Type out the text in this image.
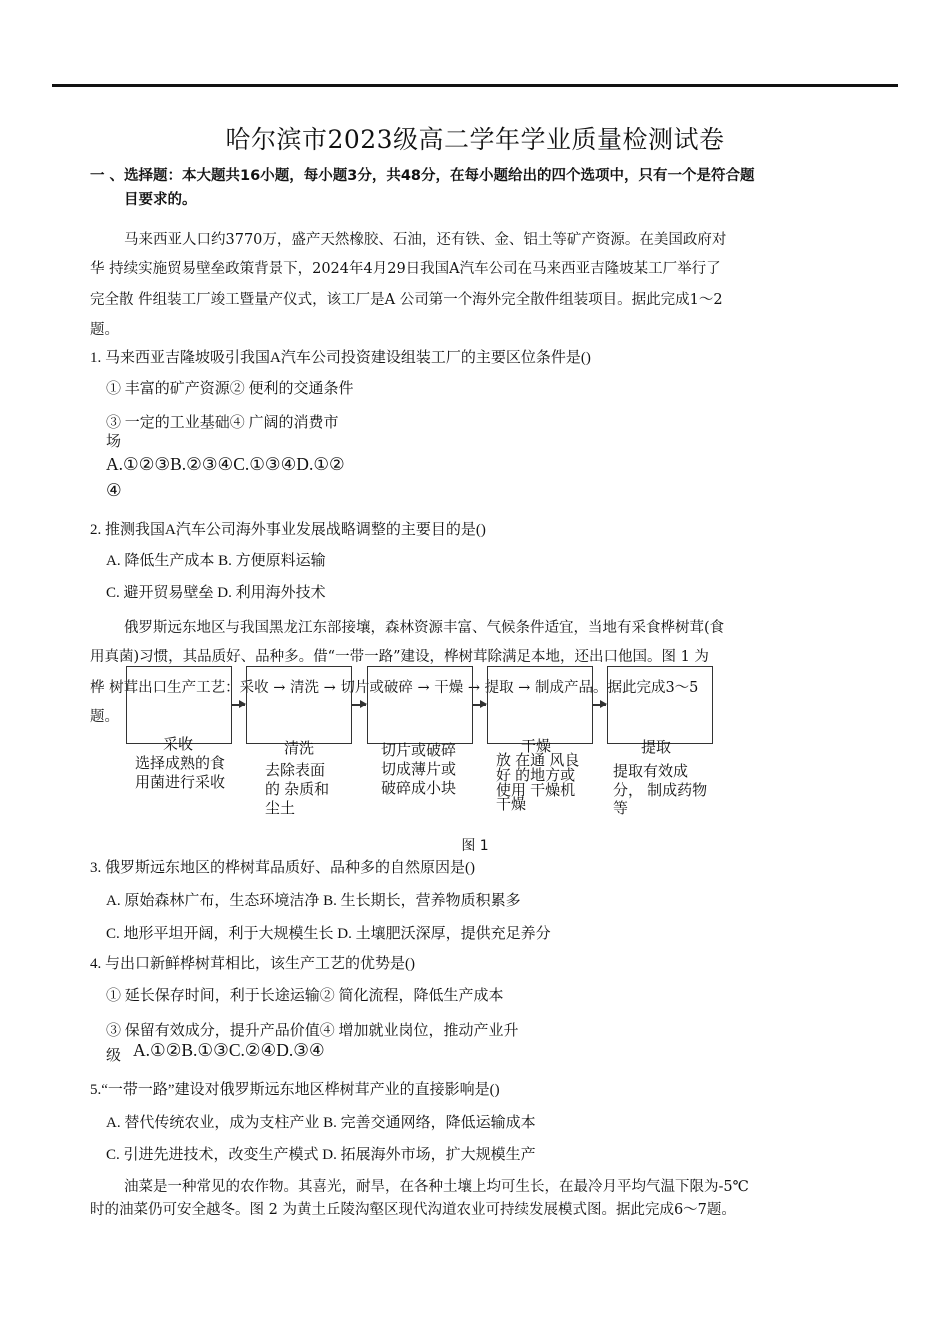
哈尔滨市2023级高二学年学业质量检测试卷
一 、选择题：本大题共16小题，每小题3分，共48分，在每小题给出的四个选项中，只有一个是符合题
目要求的。
马来西亚人口约3770万，盛产天然橡胶、石油，还有铁、金、铝土等矿产资源。在美国政府对
华 持续实施贸易壁垒政策背景下，2024年4月29日我国A汽车公司在马来西亚吉隆坡某工厂举行了
完全散 件组装工厂竣工暨量产仪式，该工厂是A 公司第一个海外完全散件组装项目。据此完成1～2
题。
1. 马来西亚吉隆坡吸引我国A汽车公司投资建设组装工厂的主要区位条件是()
① 丰富的矿产资源② 便利的交通条件
③ 一定的工业基础④ 广阔的消费市
场
A.①②③B.②③④C.①③④D.①②
④
2. 推测我国A汽车公司海外事业发展战略调整的主要目的是()
A. 降低生产成本 B. 方便原料运输
C. 避开贸易壁垒 D. 利用海外技术
俄罗斯远东地区与我国黑龙江东部接壤，森林资源丰富、气候条件适宜，当地有采食桦树茸(食
用真菌)习惯，其品质好、品种多。借“一带一路”建设，桦树茸除满足本地，还出口他国。图 1 为
桦 树茸出口生产工艺：采收 → 清洗 → 切片或破碎 → 干燥 → 提取 → 制成产品。据此完成3～5
题。
采收
选择成熟的食
用菌进行采收
清洗
去除表面
的 杂质和
尘土
切片或破碎
切成薄片或
破碎成小块
干燥
放 在通 风良
好 的地方或
使用 干燥机
干燥
提取
提取有效成
分， 制成药物
等
图 1
3. 俄罗斯远东地区的桦树茸品质好、品种多的自然原因是()
A. 原始森林广布，生态环境洁净 B. 生长期长，营养物质积累多
C. 地形平坦开阔，利于大规模生长 D. 土壤肥沃深厚，提供充足养分
4. 与出口新鲜桦树茸相比，该生产工艺的优势是()
① 延长保存时间，利于长途运输② 简化流程，降低生产成本
③ 保留有效成分，提升产品价值④ 增加就业岗位，推动产业升
级 A.①②B.①③C.②④D.③④
5.“一带一路”建设对俄罗斯远东地区桦树茸产业的直接影响是()
A. 替代传统农业，成为支柱产业 B. 完善交通网络，降低运输成本
C. 引进先进技术，改变生产模式 D. 拓展海外市场，扩大规模生产
油菜是一种常见的农作物。其喜光，耐旱，在各种土壤上均可生长，在最冷月平均气温下限为-5℃
时的油菜仍可安全越冬。图 2 为黄土丘陵沟壑区现代沟道农业可持续发展模式图。据此完成6～7题。
